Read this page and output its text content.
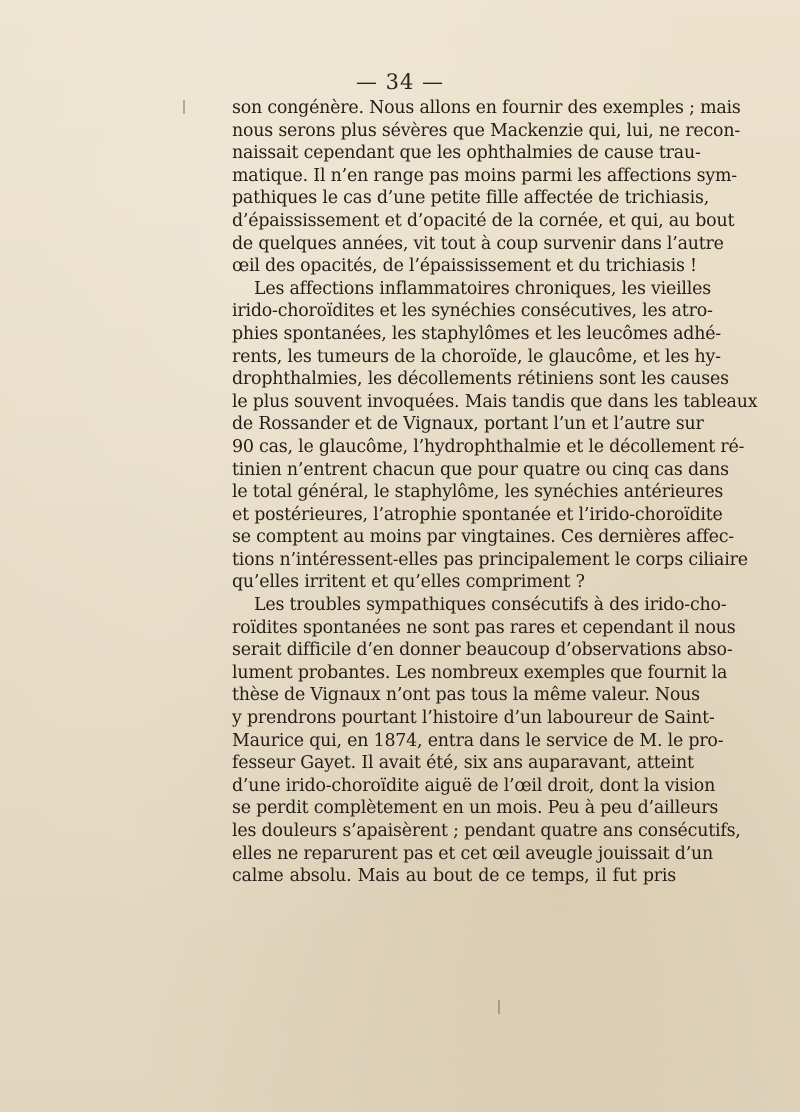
— 34 —
son congénère. Nous allons en fournir des exemples ; mais
nous serons plus sévères que Mackenzie qui, lui, ne recon-
naissait cependant que les ophthalmies de cause trau-
matique. Il n’en range pas moins parmi les affections sym-
pathiques le cas d’une petite fille affectée de trichiasis,
d’épaississement et d’opacité de la cornée, et qui, au bout
de quelques années, vit tout à coup survenir dans l’autre
œil des opacités, de l’épaississement et du trichiasis !
Les affections inflammatoires chroniques, les vieilles
irido-choroïdites et les synéchies consécutives, les atro-
phies spontanées, les staphylômes et les leucômes adhé-
rents, les tumeurs de la choroïde, le glaucôme, et les hy-
drophthalmies, les décollements rétiniens sont les causes
le plus souvent invoquées. Mais tandis que dans les tableaux
de Rossander et de Vignaux, portant l’un et l’autre sur
90 cas, le glaucôme, l’hydrophthalmie et le décollement ré-
tinien n’entrent chacun que pour quatre ou cinq cas dans
le total général, le staphylôme, les synéchies antérieures
et postérieures, l’atrophie spontanée et l’irido-choroïdite
se comptent au moins par vingtaines. Ces dernières affec-
tions n’intéressent-elles pas principalement le corps ciliaire
qu’elles irritent et qu’elles compriment ?
Les troubles sympathiques consécutifs à des irido-cho-
roïdites spontanées ne sont pas rares et cependant il nous
serait difficile d’en donner beaucoup d’observations abso-
lument probantes. Les nombreux exemples que fournit la
thèse de Vignaux n’ont pas tous la même valeur. Nous
y prendrons pourtant l’histoire d’un laboureur de Saint-
Maurice qui, en 1874, entra dans le service de M. le pro-
fesseur Gayet. Il avait été, six ans auparavant, atteint
d’une irido-choroïdite aiguë de l’œil droit, dont la vision
se perdit complètement en un mois. Peu à peu d’ailleurs
les douleurs s’apaisèrent ; pendant quatre ans consécutifs,
elles ne reparurent pas et cet œil aveugle jouissait d’un
calme absolu. Mais au bout de ce temps, il fut pris
